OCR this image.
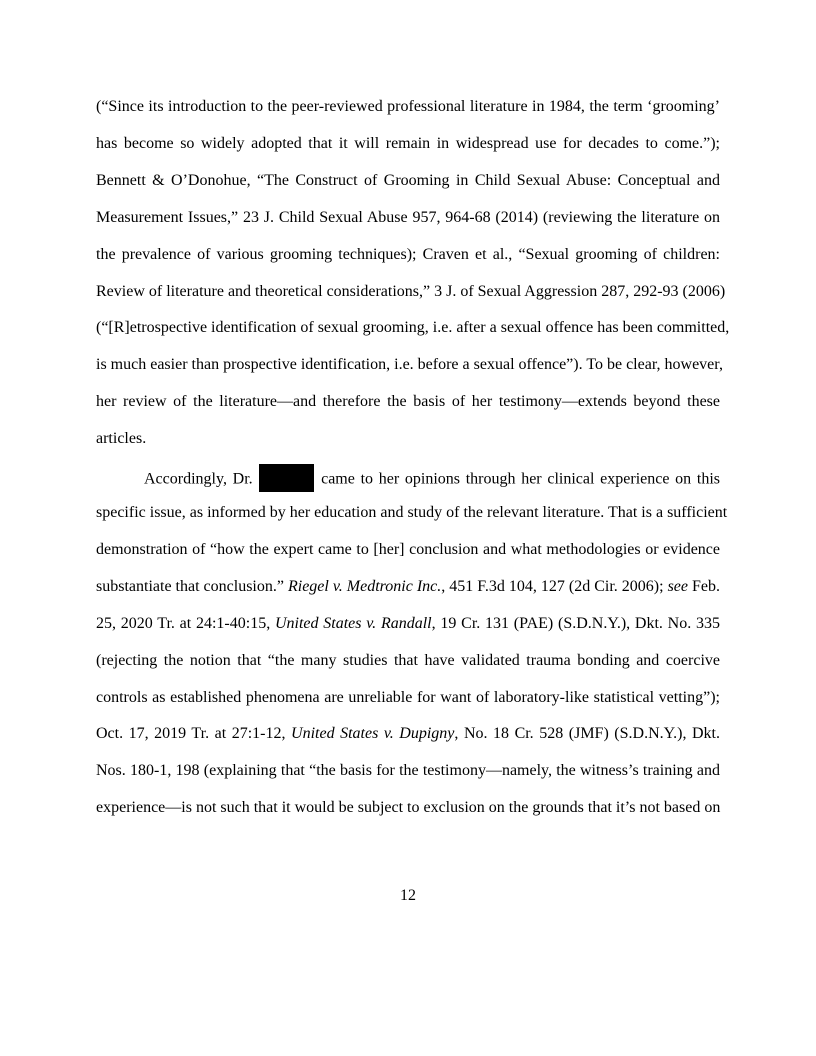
(“Since its introduction to the peer-reviewed professional literature in 1984, the term ‘grooming’
has become so widely adopted that it will remain in widespread use for decades to come.”);
Bennett & O’Donohue, “The Construct of Grooming in Child Sexual Abuse: Conceptual and
Measurement Issues,” 23 J. Child Sexual Abuse 957, 964-68 (2014) (reviewing the literature on
the prevalence of various grooming techniques); Craven et al., “Sexual grooming of children:
Review of literature and theoretical considerations,” 3 J. of Sexual Aggression 287, 292-93 (2006)
(“[R]etrospective identification of sexual grooming, i.e. after a sexual offence has been committed,
is much easier than prospective identification, i.e. before a sexual offence”). To be clear, however,
her review of the literature—and therefore the basis of her testimony—extends beyond these
articles.
Accordingly, Dr.	came to her opinions through her clinical experience on this
specific issue, as informed by her education and study of the relevant literature. That is a sufficient
demonstration of “how the expert came to [her] conclusion and what methodologies or evidence
substantiate that conclusion.” Riegel v. Medtronic Inc., 451 F.3d 104, 127 (2d Cir. 2006); see Feb.
25, 2020 Tr. at 24:1-40:15, United States v. Randall, 19 Cr. 131 (PAE) (S.D.N.Y.), Dkt. No. 335
(rejecting the notion that “the many studies that have validated trauma bonding and coercive
controls as established phenomena are unreliable for want of laboratory-like statistical vetting”);
Oct. 17, 2019 Tr. at 27:1-12, United States v. Dupigny, No. 18 Cr. 528 (JMF) (S.D.N.Y.), Dkt.
Nos. 180-1, 198 (explaining that “the basis for the testimony—namely, the witness’s training and
experience—is not such that it would be subject to exclusion on the grounds that it’s not based on
12
